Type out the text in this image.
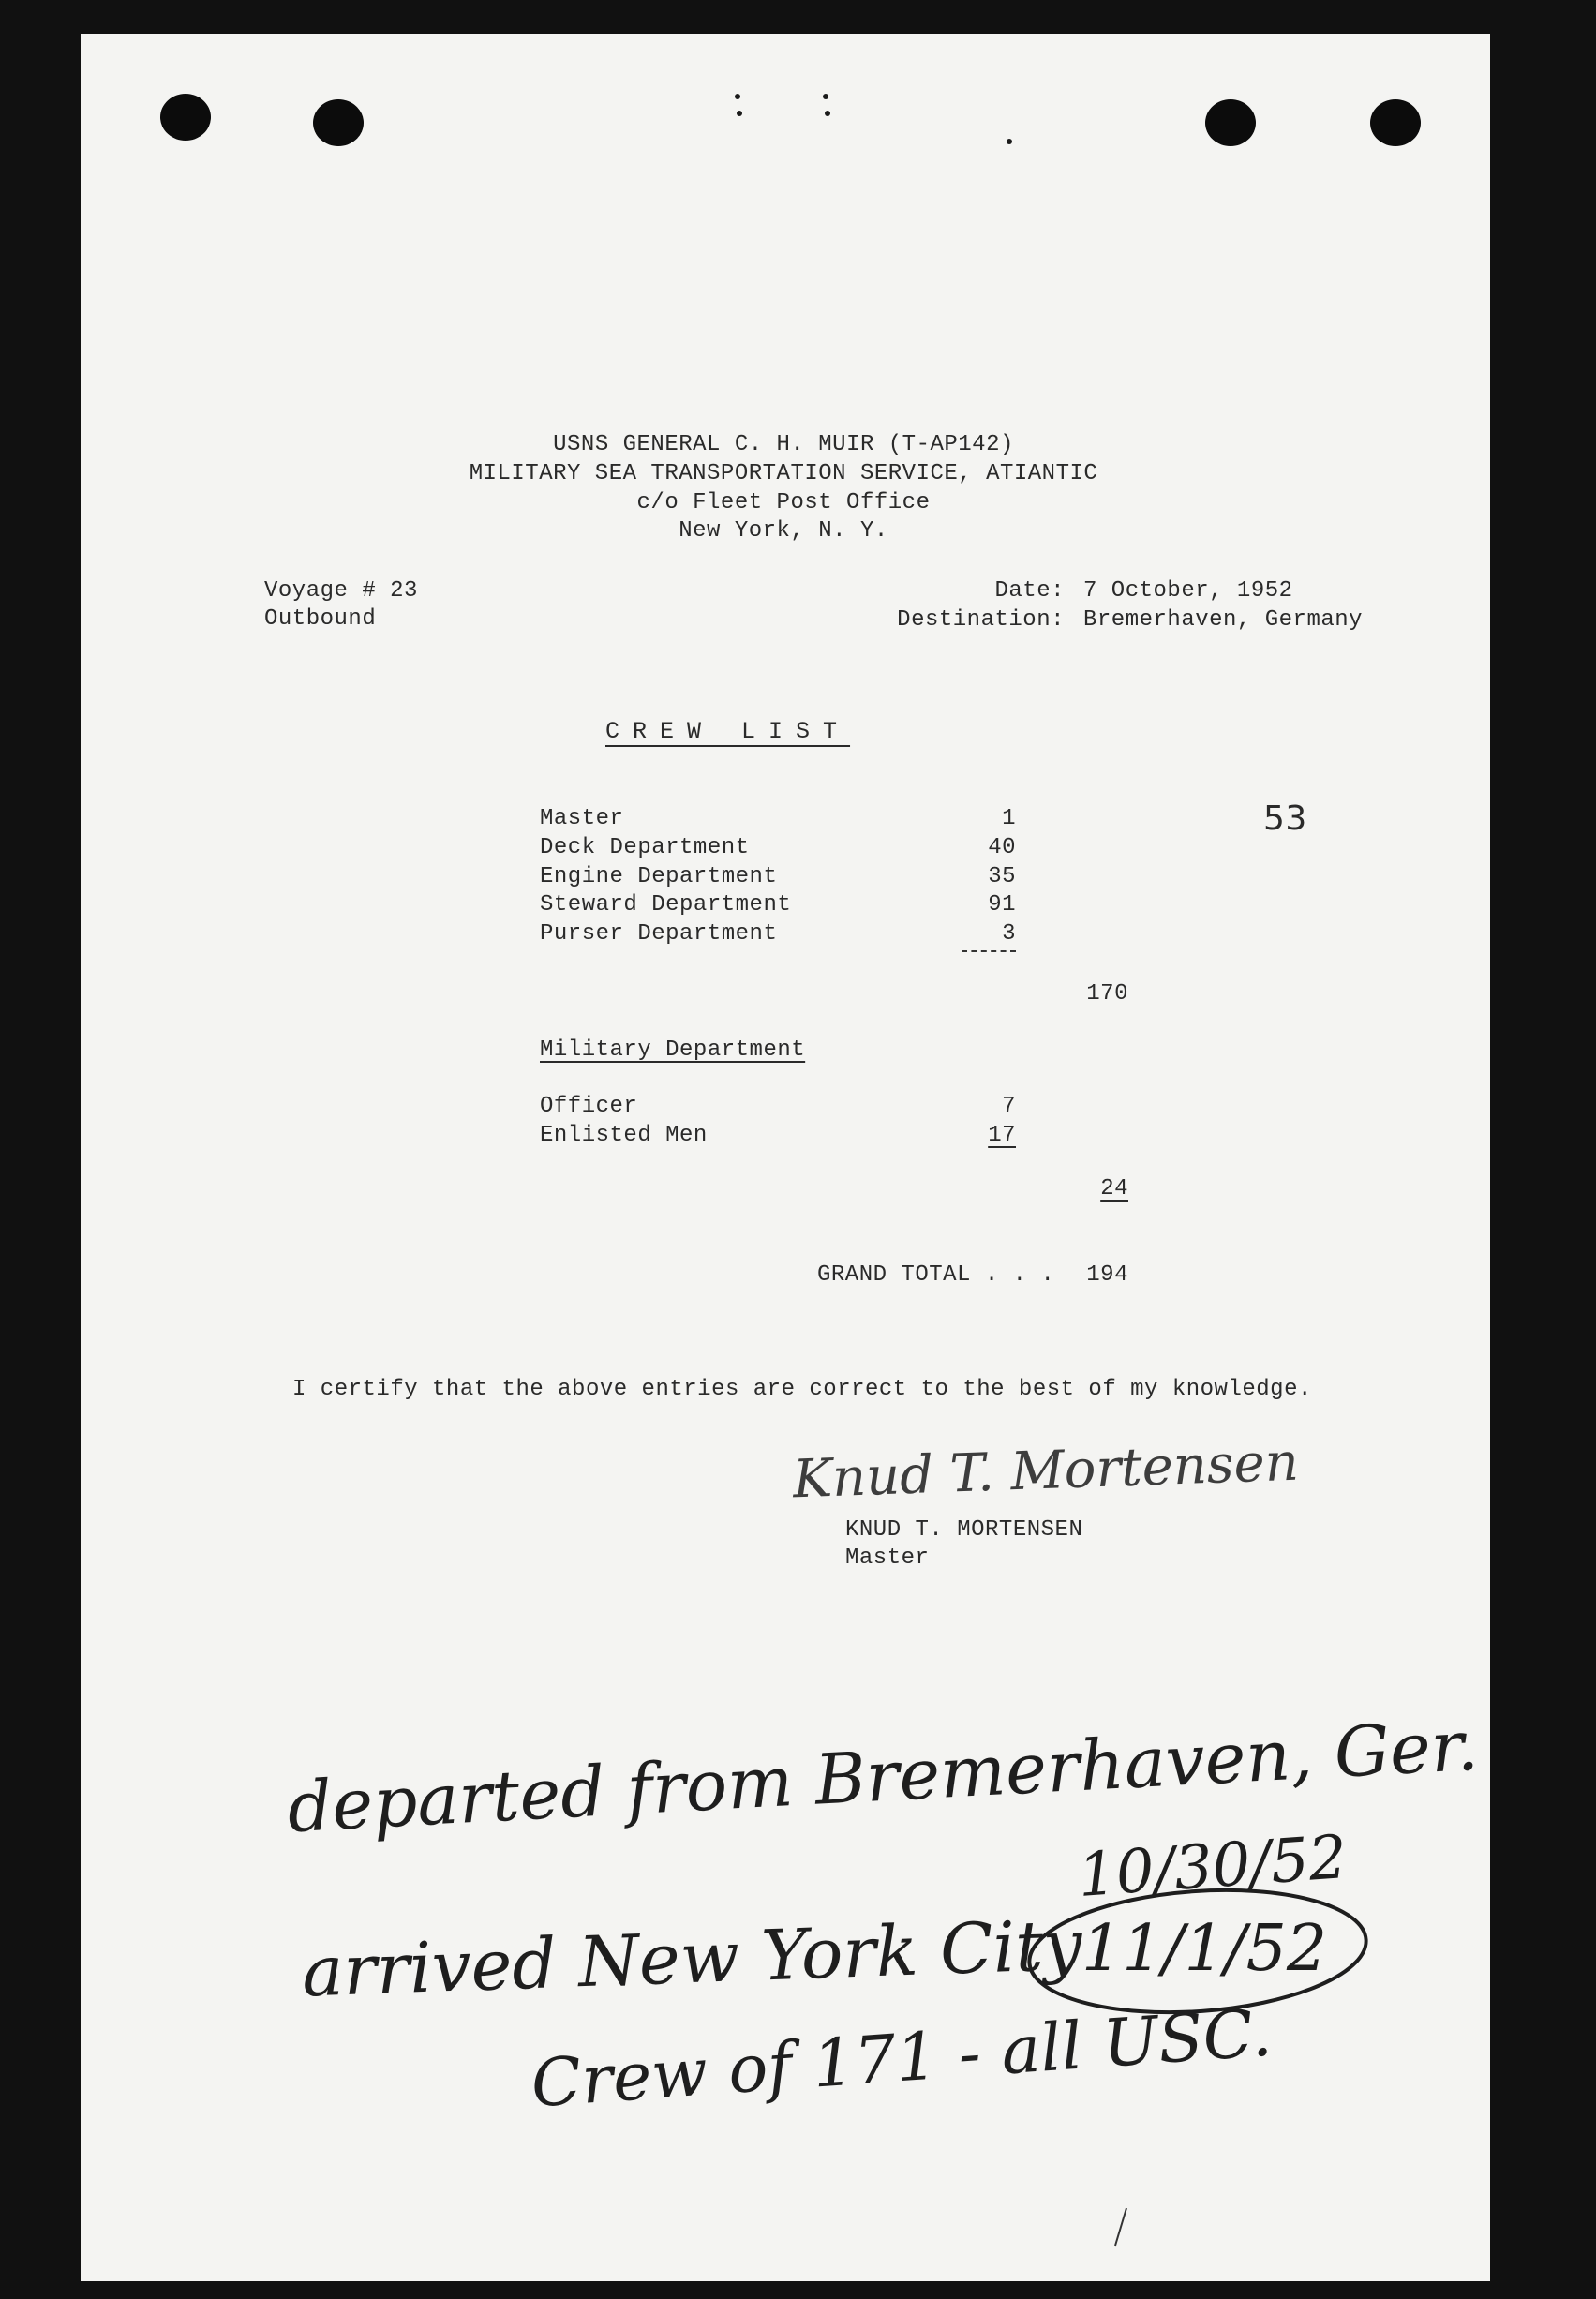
USNS GENERAL C. H. MUIR (T-AP142)
MILITARY SEA TRANSPORTATION SERVICE, ATIANTIC
c/o Fleet Post Office
New York, N. Y.
Voyage # 23
Outbound
Date: 7 October, 1952
Destination: Bremerhaven, Germany
CREW LIST
53
Master	1
Deck Department	40
Engine Department	35
Steward Department	91
Purser Department	3
170
Military Department
Officer	7
Enlisted Men	17
24
GRAND TOTAL . . .	194
I certify that the above entries are correct to the best of my knowledge.
Knud T. Mortensen
KNUD T. MORTENSEN
Master
departed from Bremerhaven, Ger.
10/30/52
arrived New York City
11/1/52
Crew of 171 - all USC.
